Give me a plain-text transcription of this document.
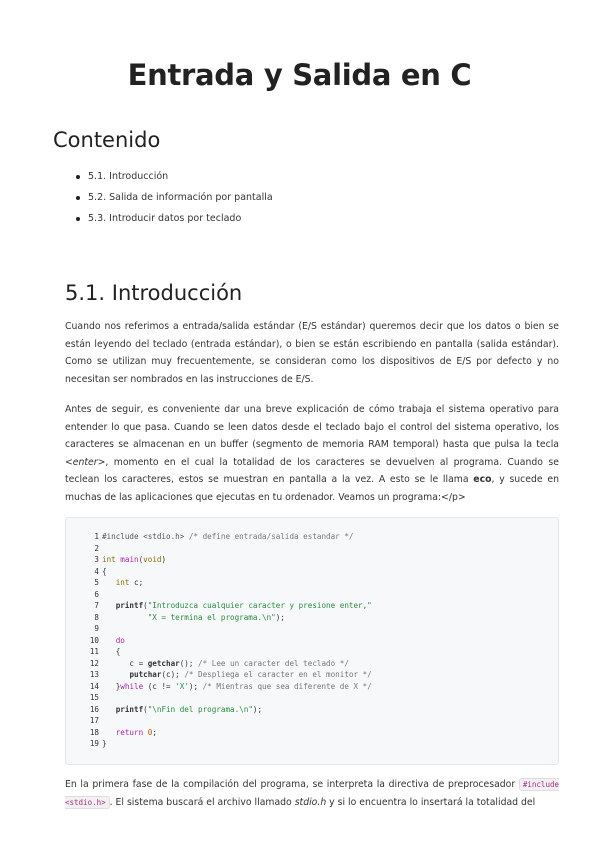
Entrada y Salida en C
Contenido
5.1. Introducción
5.2. Salida de información por pantalla
5.3. Introducir datos por teclado
5.1. Introducción

Cuando nos referimos a entrada/salida estándar (E/S estándar) queremos decir que los datos o bien se están leyendo del teclado (entrada estándar), o bien se están escribiendo en pantalla (salida estándar). Como se utilizan muy frecuentemente, se consideran como los dispositivos de E/S por defecto y no necesitan ser nombrados en las instrucciones de E/S.

Antes de seguir, es conveniente dar una breve explicación de cómo trabaja el sistema operativo para entender lo que pasa. Cuando se leen datos desde el teclado bajo el control del sistema operativo, los caracteres se almacenan en un buffer (segmento de memoria RAM temporal) hasta que pulsa la tecla <enter>, momento en el cual la totalidad de los caracteres se devuelven al programa. Cuando se teclean los caracteres, estos se muestran en pantalla a la vez. A esto se le llama eco, y sucede en muchas de las aplicaciones que ejecutas en tu ordenador. Veamos un programa:</p>

1 #include <stdio.h> /* define entrada/salida estandar */
2
3 int main(void)
4 {
5 int c;
6
7 printf("Introduzca cualquier caracter y presione enter,"
8	"X = termina el programa.\n");
9
10 do
11   {
12      c = getchar(); /* Lee un caracter del teclado */
13	putchar(c); /* Despliega el caracter en el monitor */
14   }while (c != 'X'); /* Mientras que sea diferente de X */
15
16 printf("\nFin del programa.\n");
17
18 return 0;
19 }

En la primera fase de la compilación del programa, se interpreta la directiva de preprocesador #include <stdio.h> . El sistema buscará el archivo llamado stdio.h y si lo encuentra lo insertará la totalidad del
